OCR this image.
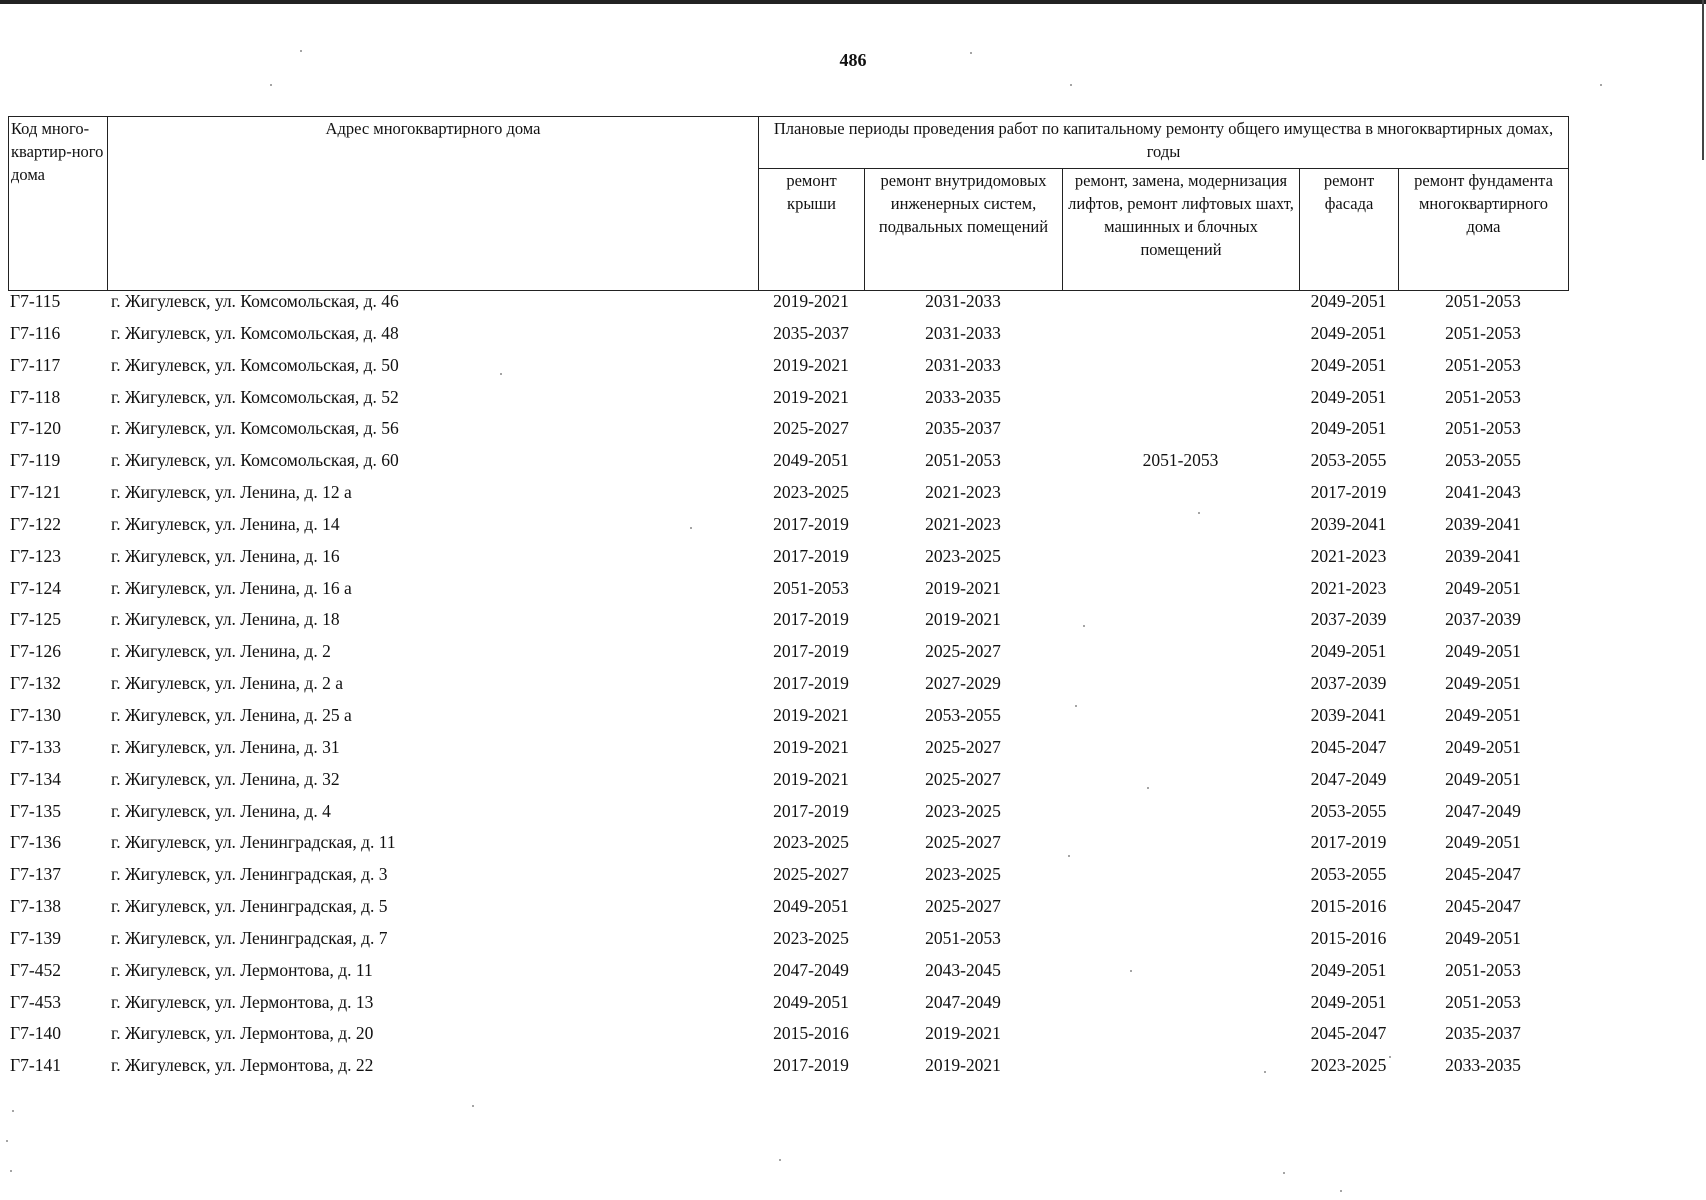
486
Код много-квартир-ного дома	Адрес многоквартирного дома	Плановые периоды проведения работ по капитальному ремонту общего имущества в многоквартирных домах, годы				
		ремонт крыши	ремонт внутридомовых инженерных систем, подвальных помещений	ремонт, замена, модернизация лифтов, ремонт лифтовых шахт, машинных и блочных помещений	ремонт фасада	ремонт фундамента многоквартирного дома
Г7-115	г. Жигулевск, ул. Комсомольская, д. 46	2019-2021	2031-2033		2049-2051	2051-2053
Г7-116	г. Жигулевск, ул. Комсомольская, д. 48	2035-2037	2031-2033		2049-2051	2051-2053
Г7-117	г. Жигулевск, ул. Комсомольская, д. 50	2019-2021	2031-2033		2049-2051	2051-2053
Г7-118	г. Жигулевск, ул. Комсомольская, д. 52	2019-2021	2033-2035		2049-2051	2051-2053
Г7-120	г. Жигулевск, ул. Комсомольская, д. 56	2025-2027	2035-2037		2049-2051	2051-2053
Г7-119	г. Жигулевск, ул. Комсомольская, д. 60	2049-2051	2051-2053	2051-2053	2053-2055	2053-2055
Г7-121	г. Жигулевск, ул. Ленина, д. 12 а	2023-2025	2021-2023		2017-2019	2041-2043
Г7-122	г. Жигулевск, ул. Ленина, д. 14	2017-2019	2021-2023		2039-2041	2039-2041
Г7-123	г. Жигулевск, ул. Ленина, д. 16	2017-2019	2023-2025		2021-2023	2039-2041
Г7-124	г. Жигулевск, ул. Ленина, д. 16 а	2051-2053	2019-2021		2021-2023	2049-2051
Г7-125	г. Жигулевск, ул. Ленина, д. 18	2017-2019	2019-2021		2037-2039	2037-2039
Г7-126	г. Жигулевск, ул. Ленина, д. 2	2017-2019	2025-2027		2049-2051	2049-2051
Г7-132	г. Жигулевск, ул. Ленина, д. 2 а	2017-2019	2027-2029		2037-2039	2049-2051
Г7-130	г. Жигулевск, ул. Ленина, д. 25 а	2019-2021	2053-2055		2039-2041	2049-2051
Г7-133	г. Жигулевск, ул. Ленина, д. 31	2019-2021	2025-2027		2045-2047	2049-2051
Г7-134	г. Жигулевск, ул. Ленина, д. 32	2019-2021	2025-2027		2047-2049	2049-2051
Г7-135	г. Жигулевск, ул. Ленина, д. 4	2017-2019	2023-2025		2053-2055	2047-2049
Г7-136	г. Жигулевск, ул. Ленинградская, д. 11	2023-2025	2025-2027		2017-2019	2049-2051
Г7-137	г. Жигулевск, ул. Ленинградская, д. 3	2025-2027	2023-2025		2053-2055	2045-2047
Г7-138	г. Жигулевск, ул. Ленинградская, д. 5	2049-2051	2025-2027		2015-2016	2045-2047
Г7-139	г. Жигулевск, ул. Ленинградская, д. 7	2023-2025	2051-2053		2015-2016	2049-2051
Г7-452	г. Жигулевск, ул. Лермонтова, д. 11	2047-2049	2043-2045		2049-2051	2051-2053
Г7-453	г. Жигулевск, ул. Лермонтова, д. 13	2049-2051	2047-2049		2049-2051	2051-2053
Г7-140	г. Жигулевск, ул. Лермонтова, д. 20	2015-2016	2019-2021		2045-2047	2035-2037
Г7-141	г. Жигулевск, ул. Лермонтова, д. 22	2017-2019	2019-2021		2023-2025	2033-2035
